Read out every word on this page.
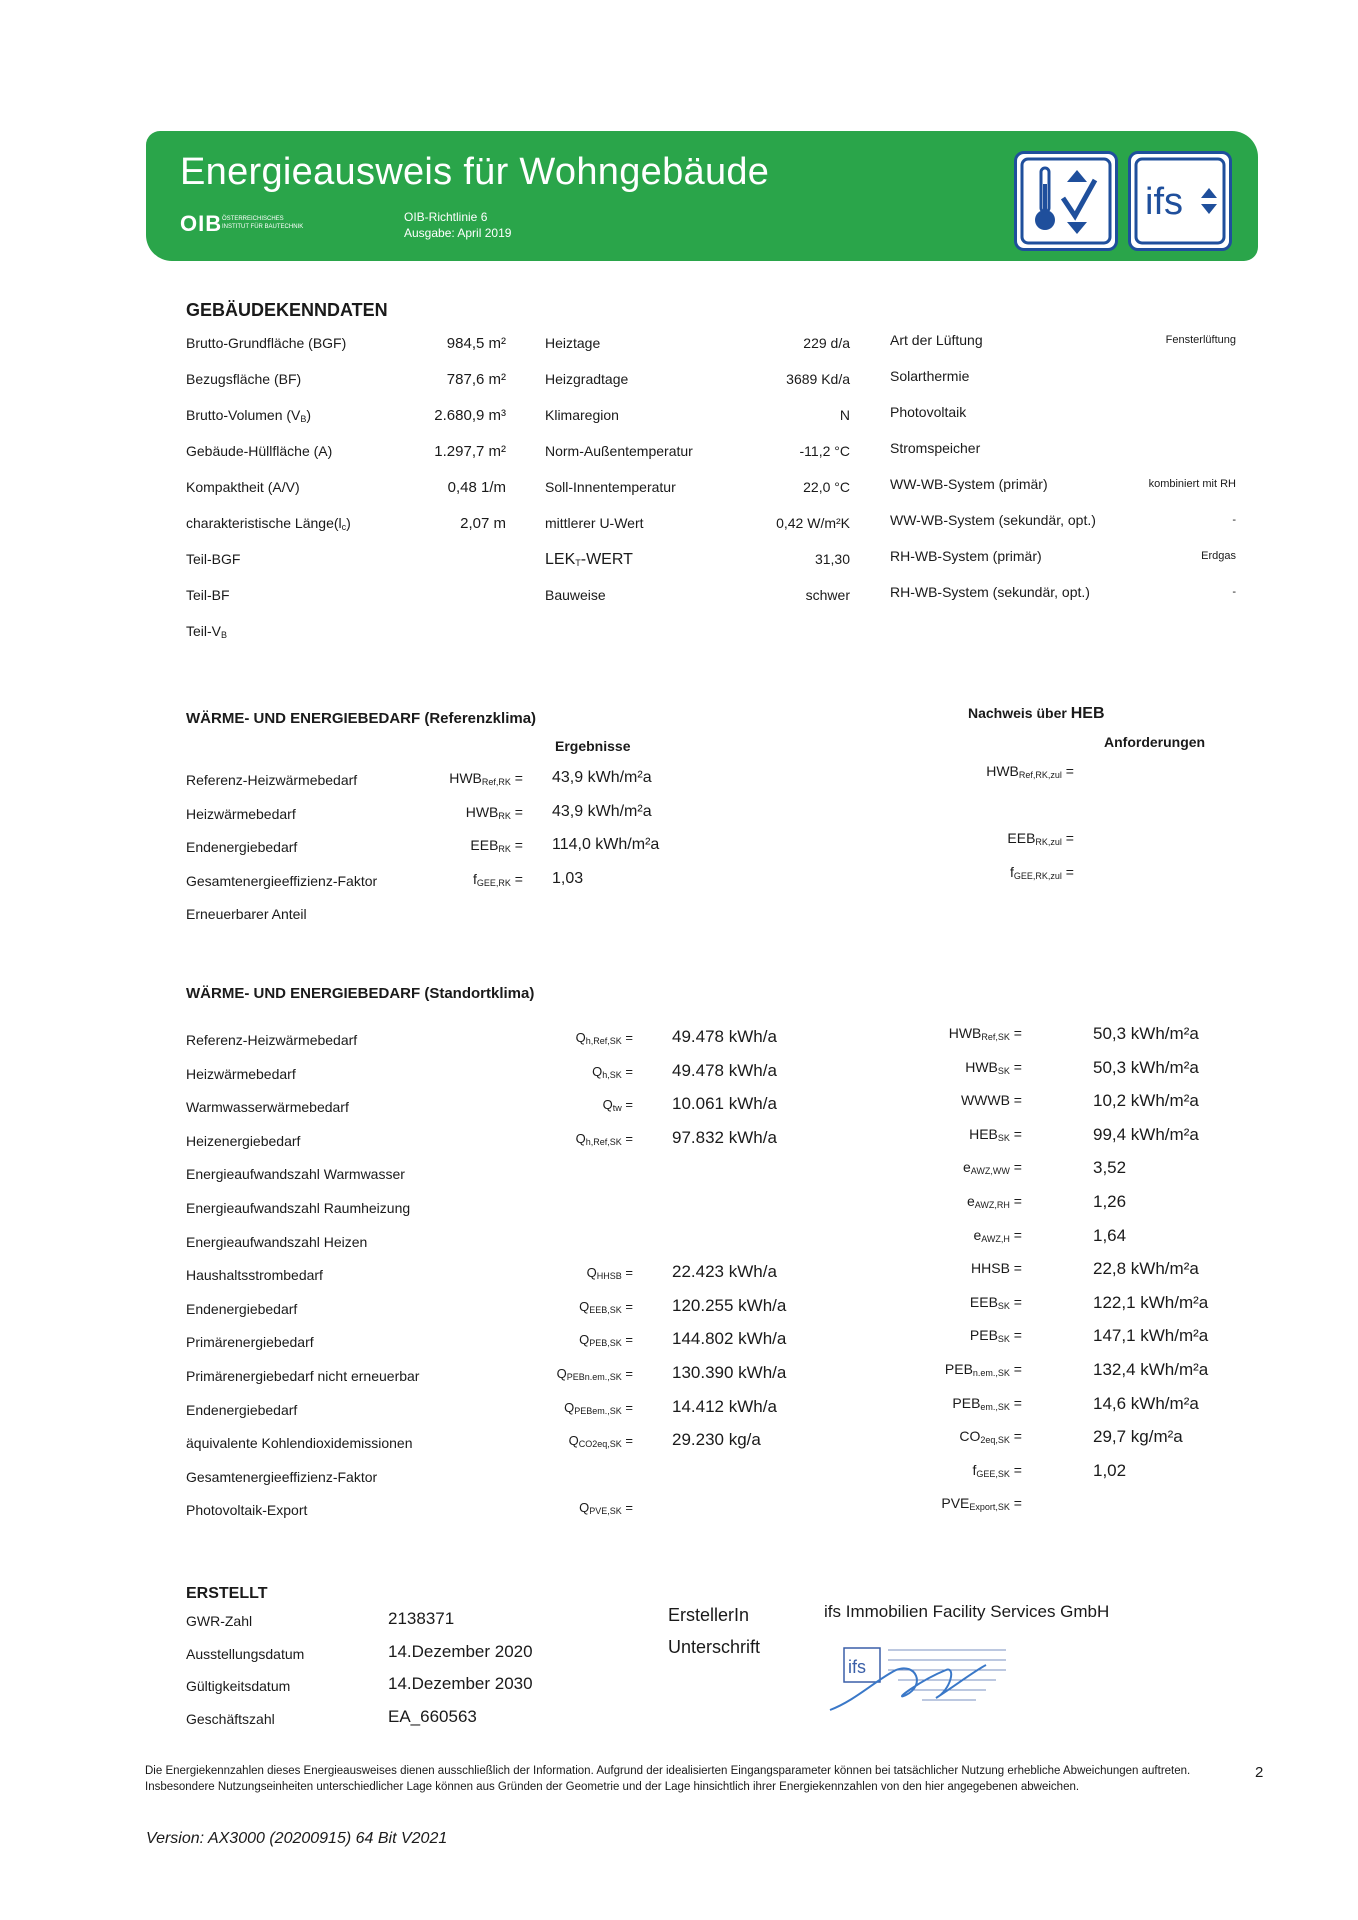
Energieausweis für Wohngebäude
OIB ÖSTERREICHISCHES
INSTITUT FÜR BAUTECHNIK
OIB-Richtlinie 6
Ausgabe: April 2019
ifs
GEBÄUDEKENNDATEN
Brutto-Grundfläche (BGF)	984,5 m²
Bezugsfläche (BF)	787,6 m²
Brutto-Volumen $(V_B)$	2.680,9 m³
Gebäude-Hüllfläche (A)	1.297,7 m²
Kompaktheit (A/V)	0,48 1/m
charakteristische $Länge(l_c)$	2,07 m
Teil-BGF
Teil-BF
Teil-$V_B$
Heiztage	229 d/a
Heizgradtage	3689 Kd/a
Klimaregion	N
Norm-Außentemperatur	-11,2 °C
Soll-Innentemperatur	22,0 °C
mittlerer U-Wert	0,42 W/m²K
$LEK_T$-WERT	31,30
Bauweise	schwer
Art der Lüftung	Fensterlüftung
Solarthermie
Photovoltaik
Stromspeicher
WW-WB-System (primär)	kombiniert mit RH
WW-WB-System (sekundär, opt.)	-
RH-WB-System (primär)	Erdgas
RH-WB-System (sekundär, opt.)	-
WÄRME- UND ENERGIEBEDARF (Referenzklima)
Ergebnisse
Nachweis über HEB
Anforderungen
Referenz-Heizwärmebedarf	$HWB_{Ref,RK} = 43,9$ kWh/m²a	$HWB_{Ref,RK,zul}$ =
Heizwärmebedarf	$HWB_{RK} = 43,9$ kWh/m²a
Endenergiebedarf	$EEB_{RK} = 114,0$ kWh/m²a	$EEB_{RK,zul}$ =
Gesamtenergieeffizienz-Faktor	$f_{GEE,RK} = 1,03$	$f_{GEE,RK,zul}$ =
Erneuerbarer Anteil
WÄRME- UND ENERGIEBEDARF (Standortklima)
Referenz-Heizwärmebedarf	$Q_{h,Ref,SK} = 49.478$ kWh/a	$HWB_{Ref,SK}$ =	50,3 kWh/m²a
Heizwärmebedarf	$Q_{h,SK} = 49.478$ kWh/a	$HWB_{SK}$ =	50,3 kWh/m²a
Warmwasserwärmebedarf	$Q_{tw} = 10.061$ kWh/a	WWWB =	10,2 kWh/m²a
Heizenergiebedarf	$Q_{h,Ref,SK} = 97.832$ kWh/a	$HEB_{SK}$ =	99,4 kWh/m²a
Energieaufwandszahl Warmwasser	$e_{AWZ,WW}$ =	3,52
Energieaufwandszahl Raumheizung	$e_{AWZ,RH}$ =	1,26
Energieaufwandszahl Heizen	$e_{AWZ,H}$ =	1,64
Haushaltsstrombedarf	$Q_{HHSB} = 22.423$ kWh/a	HHSB =	22,8 kWh/m²a
Endenergiebedarf	$Q_{EEB,SK} = 120.255$ kWh/a	$EEB_{SK}$ =	122,1 kWh/m²a
Primärenergiebedarf	$Q_{PEB,SK} = 144.802$ kWh/a	$PEB_{SK}$ =	147,1 kWh/m²a
Primärenergiebedarf nicht erneuerbar	$Q_{PEBn.em.,SK} = 130.390$ kWh/a	$PEB_{n.em.,SK}$ =	132,4 kWh/m²a
Endenergiebedarf	$Q_{PEBem.,SK} = 14.412$ kWh/a	$PEB_{em.,SK}$ =	14,6 kWh/m²a
äquivalente Kohlendioxidemissionen	$Q_{CO2eq,SK} = 29.230$ kg/a	$CO_{2eq,SK}$ =	29,7 kg/m²a
Gesamtenergieeffizienz-Faktor	$f_{GEE,SK}$ =	1,02
Photovoltaik-Export	$Q_{PVE,SK}$ =	$PVE_{Export,SK}$ =
ERSTELLT
GWR-Zahl	2138371
Ausstellungsdatum	14.Dezember 2020
Gültigkeitsdatum	14.Dezember 2030
Geschäftszahl	EA_660563
ErstellerIn
Unterschrift
ifs Immobilien Facility Services GmbH
ifs
Die Energiekennzahlen dieses Energieausweises dienen ausschließlich der Information. Aufgrund der idealisierten Eingangsparameter können bei tatsächlicher Nutzung erhebliche Abweichungen auftreten. Insbesondere Nutzungseinheiten unterschiedlicher Lage können aus Gründen der Geometrie und der Lage hinsichtlich ihrer Energiekennzahlen von den hier angegebenen abweichen.
2
Version: AX3000 (20200915) 64 Bit V2021
